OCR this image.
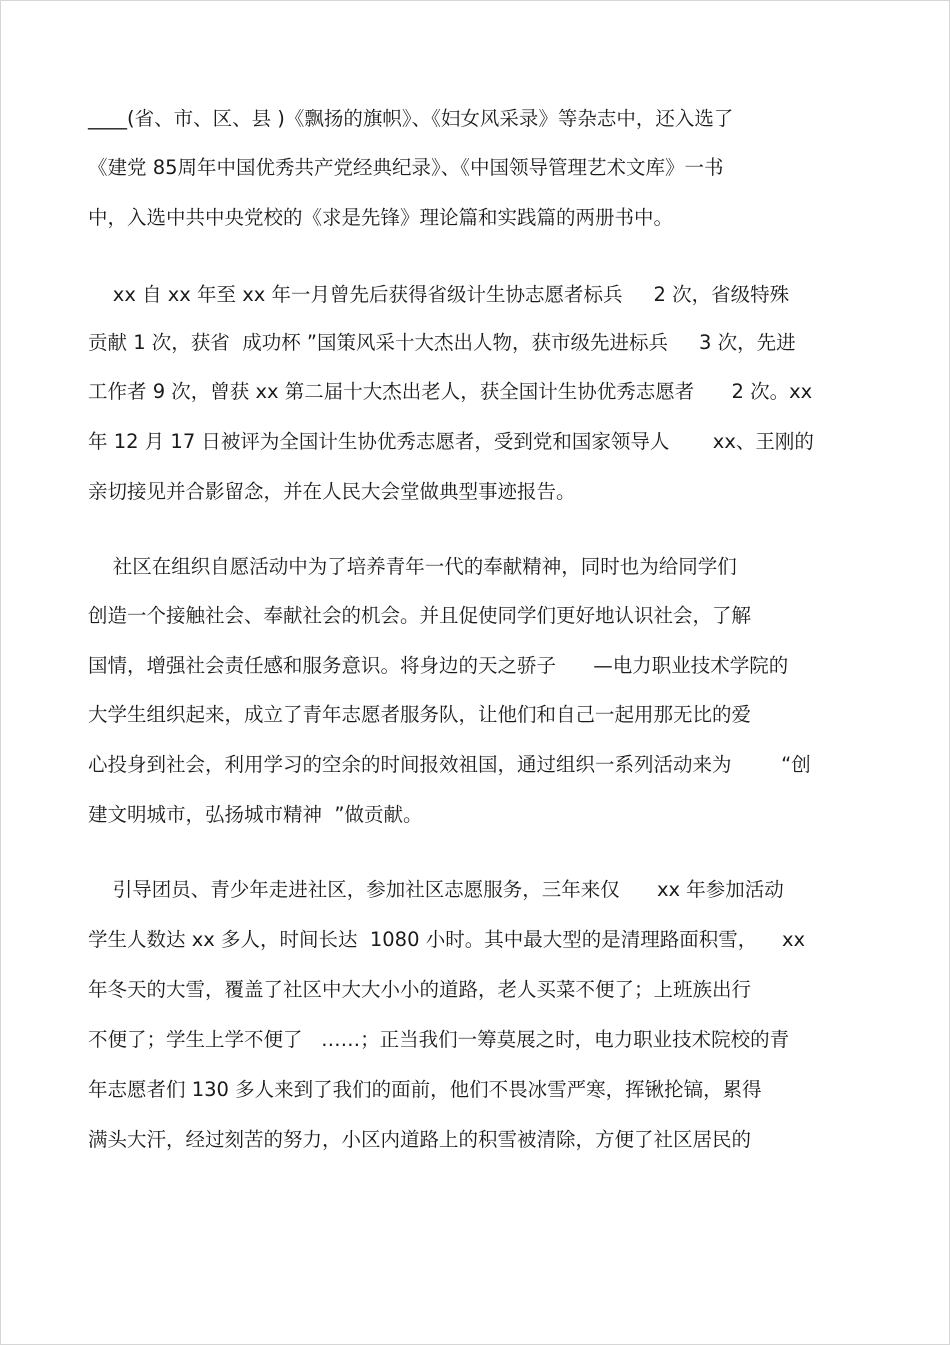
____(省、市、区、县 )《飘扬的旗帜》、《妇女风采录》等杂志中，还入选了
《建党 85周年中国优秀共产党经典纪录》、《中国领导管理艺术文库》一书
中，入选中共中央党校的《求是先锋》理论篇和实践篇的两册书中。
xx 自 xx 年至 xx 年一月曾先后获得省级计生协志愿者标兵     2 次，省级特殊
贡献 1 次，获省  成功杯 ”国策风采十大杰出人物，获市级先进标兵     3 次，先进
工作者 9 次，曾获 xx 第二届十大杰出老人，获全国计生协优秀志愿者      2 次。xx
年 12 月 17 日被评为全国计生协优秀志愿者，受到党和国家领导人       xx、王刚的
亲切接见并合影留念，并在人民大会堂做典型事迹报告。
社区在组织自愿活动中为了培养青年一代的奉献精神，同时也为给同学们
创造一个接触社会、奉献社会的机会。并且促使同学们更好地认识社会，了解
国情，增强社会责任感和服务意识。将身边的天之骄子      —电力职业技术学院的
大学生组织起来，成立了青年志愿者服务队，让他们和自己一起用那无比的爱
心投身到社会，利用学习的空余的时间报效祖国，通过组织一系列活动来为        “创
建文明城市，弘扬城市精神  ”做贡献。
引导团员、青少年走进社区，参加社区志愿服务，三年来仅      xx 年参加活动
学生人数达 xx 多人，时间长达  1080 小时。其中最大型的是清理路面积雪，    xx
年冬天的大雪，覆盖了社区中大大小小的道路，老人买菜不便了；上班族出行
不便了；学生上学不便了   ……；正当我们一筹莫展之时，电力职业技术院校的青
年志愿者们 130 多人来到了我们的面前，他们不畏冰雪严寒，挥锹抡镐，累得
满头大汗，经过刻苦的努力，小区内道路上的积雪被清除，方便了社区居民的
